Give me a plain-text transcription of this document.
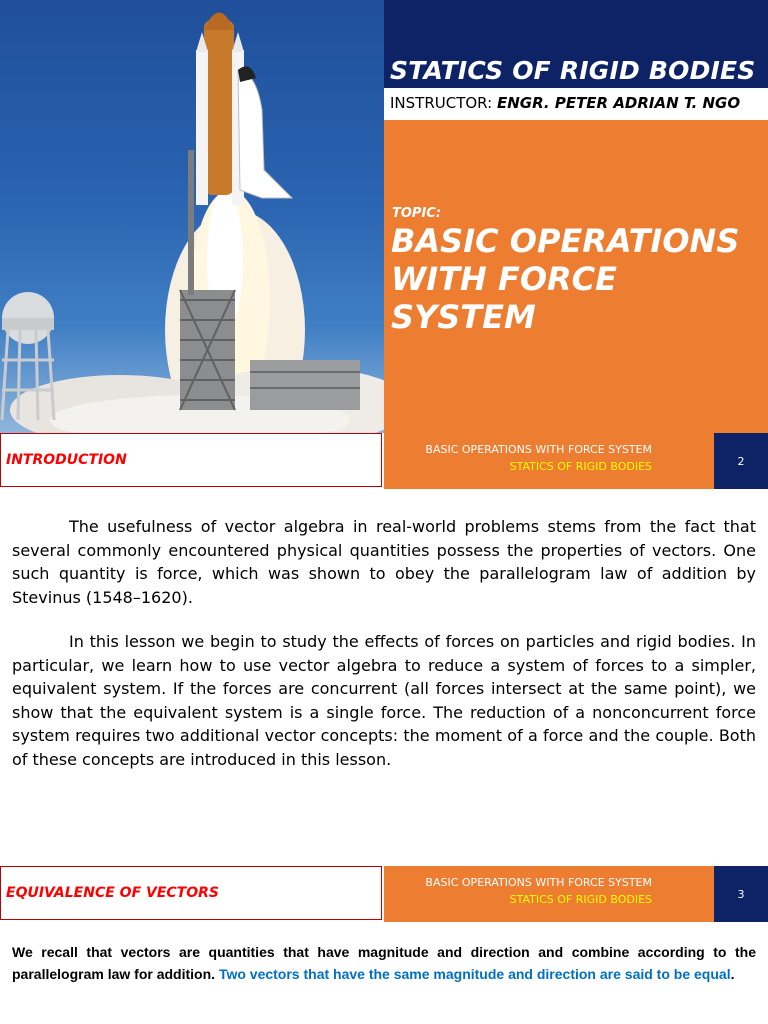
STATICS OF RIGID BODIES
INSTRUCTOR: ENGR. PETER ADRIAN T. NGO
TOPIC:
BASIC OPERATIONS
WITH FORCE SYSTEM
INTRODUCTION
BASIC OPERATIONS WITH FORCE SYSTEM
STATICS OF RIGID BODIES	2
The usefulness of vector algebra in real-world problems stems from the fact that several commonly encountered physical quantities possess the properties of vectors. One such quantity is force, which was shown to obey the parallelogram law of addition by Stevinus (1548–1620).
In this lesson we begin to study the effects of forces on particles and rigid bodies. In particular, we learn how to use vector algebra to reduce a system of forces to a simpler, equivalent system. If the forces are concurrent (all forces intersect at the same point), we show that the equivalent system is a single force. The reduction of a nonconcurrent force system requires two additional vector concepts: the moment of a force and the couple. Both of these concepts are introduced in this lesson.
EQUIVALENCE OF VECTORS
BASIC OPERATIONS WITH FORCE SYSTEM
STATICS OF RIGID BODIES	3
We recall that vectors are quantities that have magnitude and direction and combine according to the parallelogram law for addition. Two vectors that have the same magnitude and direction are said to be equal.
